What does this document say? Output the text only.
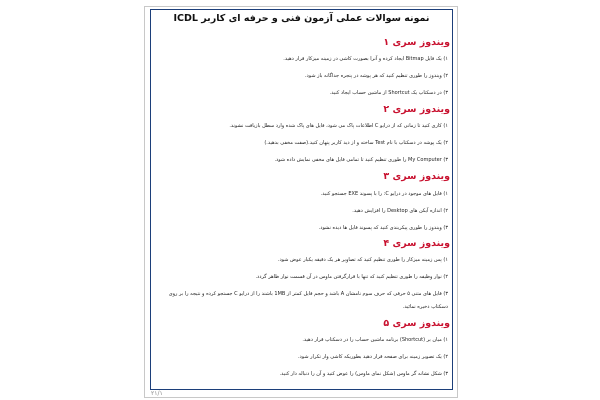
نمونه سوالات عملی آزمون فنی و حرفه ای کاربر ICDL
ویندوز سری ۱
۱) یک فایل Bitmap ایجاد کرده و آنرا بصورت کاشی در زمینه میزکار قرار دهید.
۲) ویندوز را طوری تنظیم کنید که هر پوشه در پنجره جداگانه باز شود.
۳) در دسکتاپ یک Shortcut از ماشین حساب ایجاد کنید.
ویندوز سری ۲
۱) کاری کنید تا زمانی که از درایو C اطلاعات پاک می شود، فایل های پاک شده وارد سطل بازیافت نشوند.
۲) یک پوشه در دسکتاپ با نام Test ساخته و از دید کاربر پنهان کنید.(صفت مخفی بدهید.)
۳) My Computer را طوری تنظیم کنید تا تمامی فایل های مخفی نمایش داده شود.
ویندوز سری ۳
۱) فایل های موجود در درایو C: را با پسوند EXE جستجو کنید.
۲) اندازه آیکن های Desktop را افزایش دهید.
۳) ویندوز را طوری پیکربندی کنید که پسوند فایل ها دیده نشود.
ویندوز سری ۴
۱) پس زمینه میزکار را طوری تنظیم کنید که تصاویر هر یک دقیقه یکبار عوض شود.
۲) نوار وظیفه را طوری تنظیم کنید که تنها با قرارگرفتن ماوس در آن قسمت نوار ظاهر گردد.
۳) فایل های متنی ۵ حرفی که حرف سوم نامشان A باشد و حجم فایل کمتر از 1MB باشند را از درایو C جستجو کرده و نتیجه را بر روی دسکتاپ ذخیره نمائید.
ویندوز سری ۵
۱) میان بر (Shortcut) برنامه ماشین حساب را در دسکتاپ قرار دهید.
۲) یک تصویر زمینه برای صفحه قرار دهید بطوریکه کاشی وار تکرار شود.
۳) شکل نشانه گر ماوس (شکل نمای ماوس) را عوض کنید و آن را دنباله دار کنید.
۲۱/۱
